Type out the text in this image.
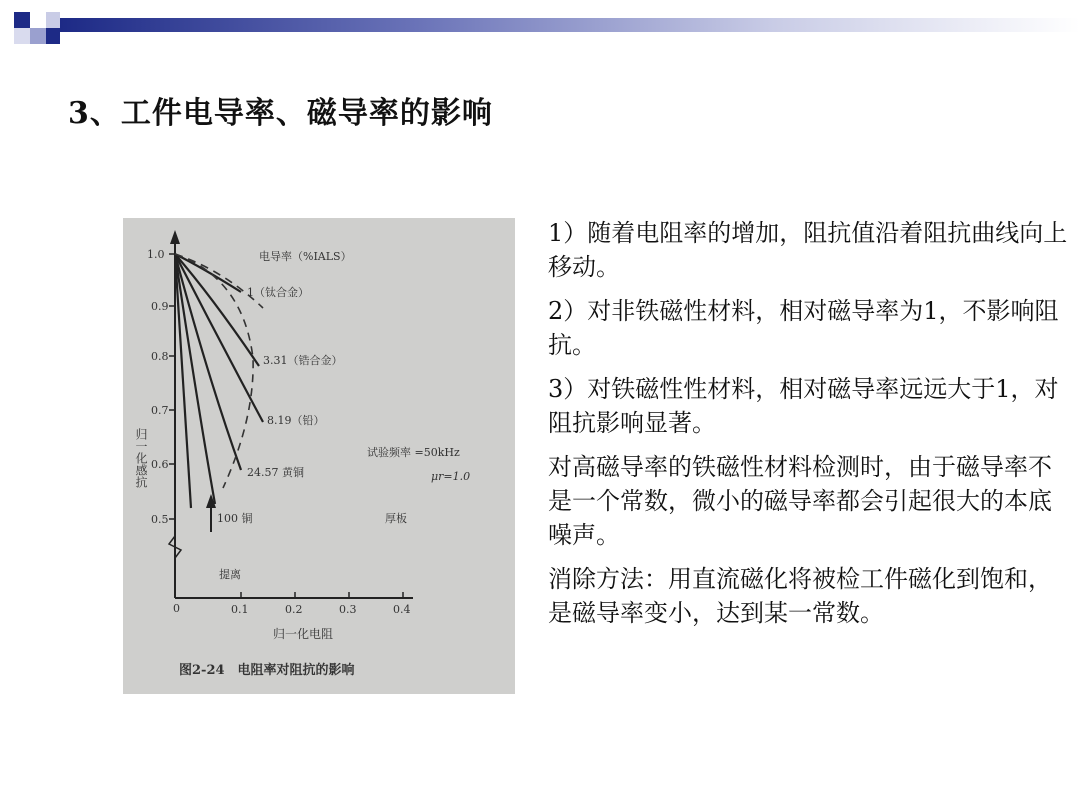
3、工件电导率、磁导率的影响
1.0
0.9
0.8
0.7
0.6
0.5
0	0.1	0.2	0.3	0.4
归一化感抗
归一化电阻
电导率（%IALS）
1（钛合金）
3.31（锆合金）
8.19（铅）
24.57 黄铜
100 铜
试验频率 =50kHz
μr=1.0
厚板
提离
图2-24　电阻率对阻抗的影响

1）随着电阻率的增加，阻抗值沿着阻抗曲线向上移动。

2）对非铁磁性材料，相对磁导率为1，不影响阻抗。

3）对铁磁性性材料，相对磁导率远远大于1，对阻抗影响显著。

对高磁导率的铁磁性材料检测时，由于磁导率不是一个常数，微小的磁导率都会引起很大的本底噪声。

消除方法：用直流磁化将被检工件磁化到饱和，是磁导率变小，达到某一常数。
